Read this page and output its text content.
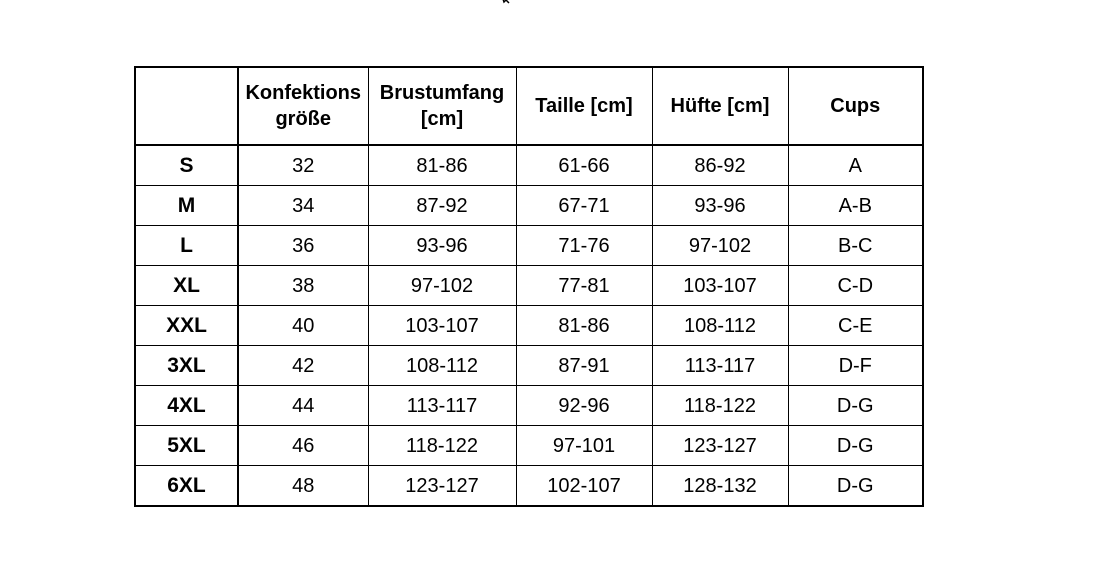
	Konfektions größe	Brustumfang [cm]	Taille [cm]	Hüfte [cm]	Cups
S	32	81-86	61-66	86-92	A
M	34	87-92	67-71	93-96	A-B
L	36	93-96	71-76	97-102	B-C
XL	38	97-102	77-81	103-107	C-D
XXL	40	103-107	81-86	108-112	C-E
3XL	42	108-112	87-91	113-117	D-F
4XL	44	113-117	92-96	118-122	D-G
5XL	46	118-122	97-101	123-127	D-G
6XL	48	123-127	102-107	128-132	D-G
